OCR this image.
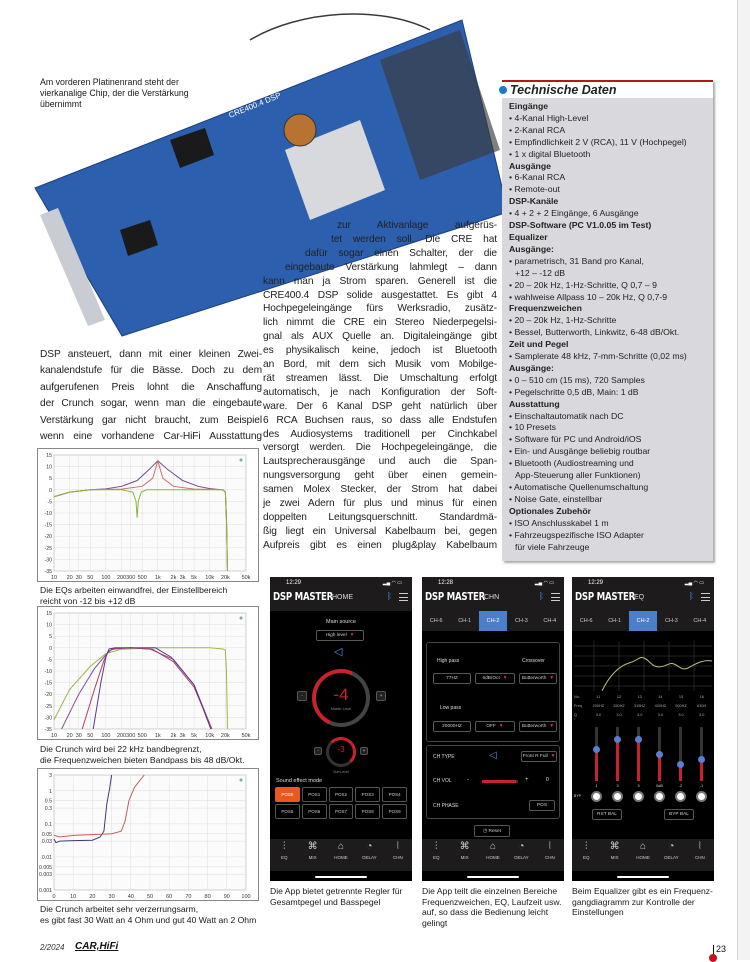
CRE400.4 DSP
Am vorderen Platinenrand steht der
vierkanalige Chip, der die Verstärkung
übernimmt
zur Aktivanlage aufgerüs-
tet werden soll. Die CRE hat
dafür sogar einen Schalter, der die
eingebaute Verstärkung lahmlegt – dann
kann man ja Strom sparen. Generell ist die
CRE400.4 DSP solide ausgestattet. Es gibt 4
Hochpegeleingänge fürs Werksradio, zusätz-
lich nimmt die CRE ein Stereo Niederpegelsi-
gnal als AUX Quelle an. Digitaleingänge gibt
es physikalisch keine, jedoch ist Bluetooth
an Bord, mit dem sich Musik vom Mobilge-
rät streamen lässt. Die Umschaltung erfolgt
automatisch, je nach Konfiguration der Soft-
ware. Der 6 Kanal DSP geht natürlich über
6 RCA Buchsen raus, so dass alle Endstufen
des Audiosystems traditionell per Cinchkabel
versorgt werden. Die Hochpegeleingänge, die
Lautsprecherausgänge und auch die Span-
nungsversorgung geht über einen gemein-
samen Molex Stecker, der Strom hat dabei
je zwei Adern für plus und minus für einen
doppelten Leitungsquerschnitt. Standardmä-
ßig liegt ein Universal Kabelbaum bei, gegen
Aufpreis gibt es einen plug&play Kabelbaum
DSP ansteuert, dann mit einer kleinen Zwei-
kanalendstufe für die Bässe. Doch zu dem
aufgerufenen Preis lohnt die Anschaffung
der Crunch sogar, wenn man die eingebaute
Verstärkung gar nicht braucht, zum Beispiel
wenn eine vorhandene Car-HiFi Ausstattung
Technische Daten
Eingänge
• 4-Kanal High-Level
• 2-Kanal RCA
• Empfindlichkeit 2 V (RCA), 11 V (Hochpegel)
• 1 x digital Bluetooth
Ausgänge
• 6-Kanal RCA
• Remote-out
DSP-Kanäle
• 4 + 2 + 2 Eingänge, 6 Ausgänge
DSP-Software (PC V1.0.05 im Test)
Equalizer
Ausgänge:
• parametrisch, 31 Band pro Kanal,
+12 – -12 dB
• 20 – 20k Hz, 1-Hz-Schritte, Q 0,7 – 9
• wahlweise Allpass 10 – 20k Hz, Q 0,7-9
Frequenzweichen
• 20 – 20k Hz, 1-Hz-Schritte
• Bessel, Butterworth, Linkwitz, 6-48 dB/Okt.
Zeit und Pegel
• Samplerate 48 kHz, 7-mm-Schritte (0,02 ms)
Ausgänge:
• 0 – 510 cm (15 ms), 720 Samples
• Pegelschritte 0,5 dB, Main: 1 dB
Ausstattung
• Einschaltautomatik nach DC
• 10 Presets
• Software für PC und Android/iOS
• Ein- und Ausgänge beliebig routbar
• Bluetooth (Audiostreaming und
App-Steuerung aller Funktionen)
• Automatische Quellenumschaltung
• Noise Gate, einstellbar
Optionales Zubehör
• ISO Anschlusskabel 1 m
• Fahrzeugspezifische ISO Adapter
für viele Fahrzeuge
10 20 30 50 100 200 300 500 1k 2k 3k 5k 10k 20k 50k
15
10
5
0
-5
-10
-15
-20
-25
-30
-35
Die EQs arbeiten einwandfrei, der Einstellbereich
reicht von -12 bis +12 dB
10 20 30 50 100 200 300 500 1k 2k 3k 5k 10k 20k 50k
15
10
5
0
-5
-10
-15
-20
-25
-30
-35
Die Crunch wird bei 22 kHz bandbegrenzt,
die Frequenzweichen bieten Bandpass bis 48 dB/Okt.
0	10 20 30 40 50 60 70 80 90 100
3
1
0.5
0.3
0.1
0.05
0.03
0.01
0.005
0.003
0.001
Die Crunch arbeitet sehr verzerrungsarm,
es gibt fast 30 Watt an 4 Ohm und gut 40 Watt an 2 Ohm
12:29	▂▄ ◠ ▭
DSP MASTER
HOME	ᛒ
Main source
High level ▼
◁
-4
Master Level
-	+
-3
-	+
Sub Level
Sound effect mode
POS0	POS1	POS2	POS3	POS4
POS5	POS6	POS7	POS8	POS9
⫶
EQ
⌘
MIX
⌂
HOME
◔
DELAY
⦚
CHN
12:28	▂▄ ◠ ▭
DSP MASTER
CHN	ᛒ
CH-6	CH-1	CH-2	CH-3	CH-4
High pass	Crossover
77HZ	6dB/Oct ▼	Butterworth ▼
Low pass
20000HZ	OFF ▼	Butterworth ▼
CH TYPE	◁	Front R Full ▼
CH VOL	-	+	0
CH PHASE	POS
◷ Reset
⫶
EQ
⌘
MIX
⌂
HOME
◔
DELAY
⦚
CHN
12:29	▂▄ ◠ ▭
DSP MASTER
EQ	ᛒ
CH-6	CH-1	CH-2	CH-3	CH-4
No.	11	12	13	14	15	16
Freq	200HZ	250HZ	315HZ	400HZ	500HZ	630H
Q	3.0	3.0	3.0	3.0	3.0	3.0
1	3	3	0dB	-2	-1
BYP
RST BAL	BYP BAL
⫶
EQ
⌘
MIX
⌂
HOME
◔
DELAY
⦚
CHN
Die App bietet getrennte Regler für
Gesamtpegel und Basspegel
Die App teilt die einzelnen Bereiche
Frequenzweichen, EQ, Laufzeit usw.
auf, so dass die Bedienung leicht
gelingt
Beim Equalizer gibt es ein Frequenz-
gangdiagramm zur Kontrolle der
Einstellungen
2/2024 CAR,HiFi	23
